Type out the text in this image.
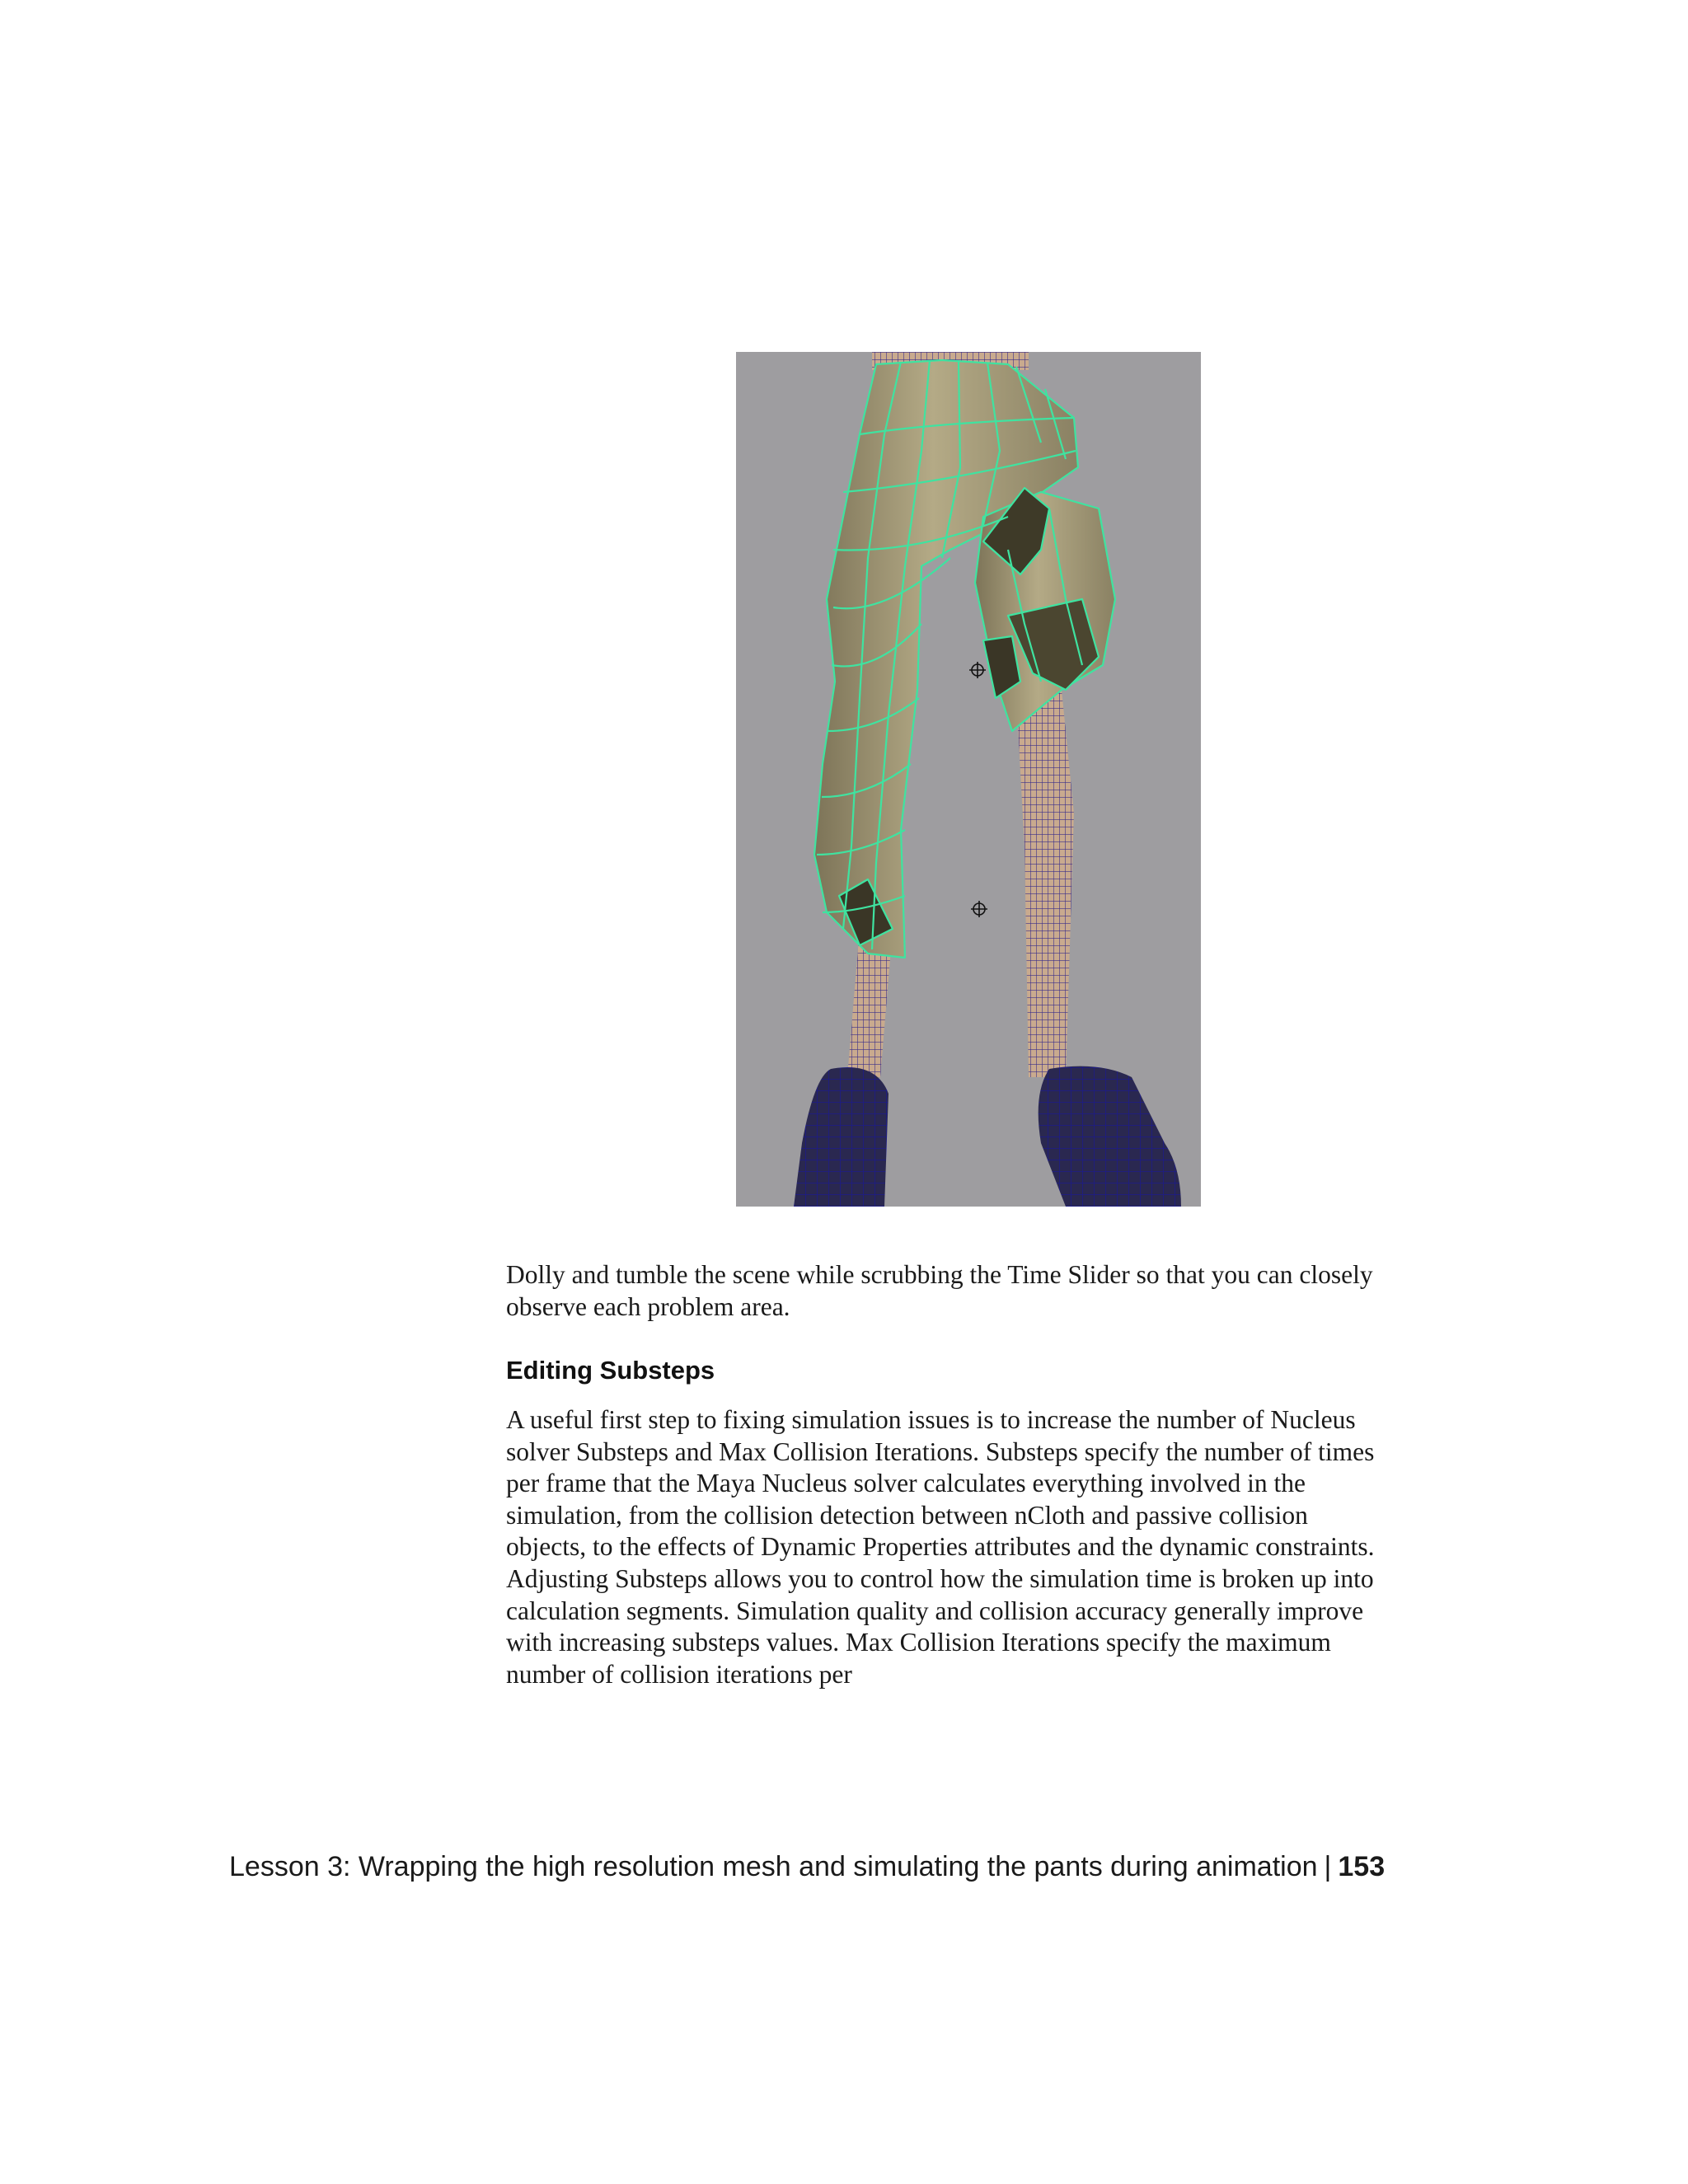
Dolly and tumble the scene while scrubbing the Time Slider so that you can closely observe each problem area.

Editing Substeps

A useful first step to fixing simulation issues is to increase the number of Nucleus solver Substeps and Max Collision Iterations. Substeps specify the number of times per frame that the Maya Nucleus solver calculates everything involved in the simulation, from the collision detection between nCloth and passive collision objects, to the effects of Dynamic Properties attributes and the dynamic constraints. Adjusting Substeps allows you to control how the simulation time is broken up into calculation segments. Simulation quality and collision accuracy generally improve with increasing substeps values. Max Collision Iterations specify the maximum number of collision iterations per

Lesson 3: Wrapping the high resolution mesh and simulating the pants during animation | 153
